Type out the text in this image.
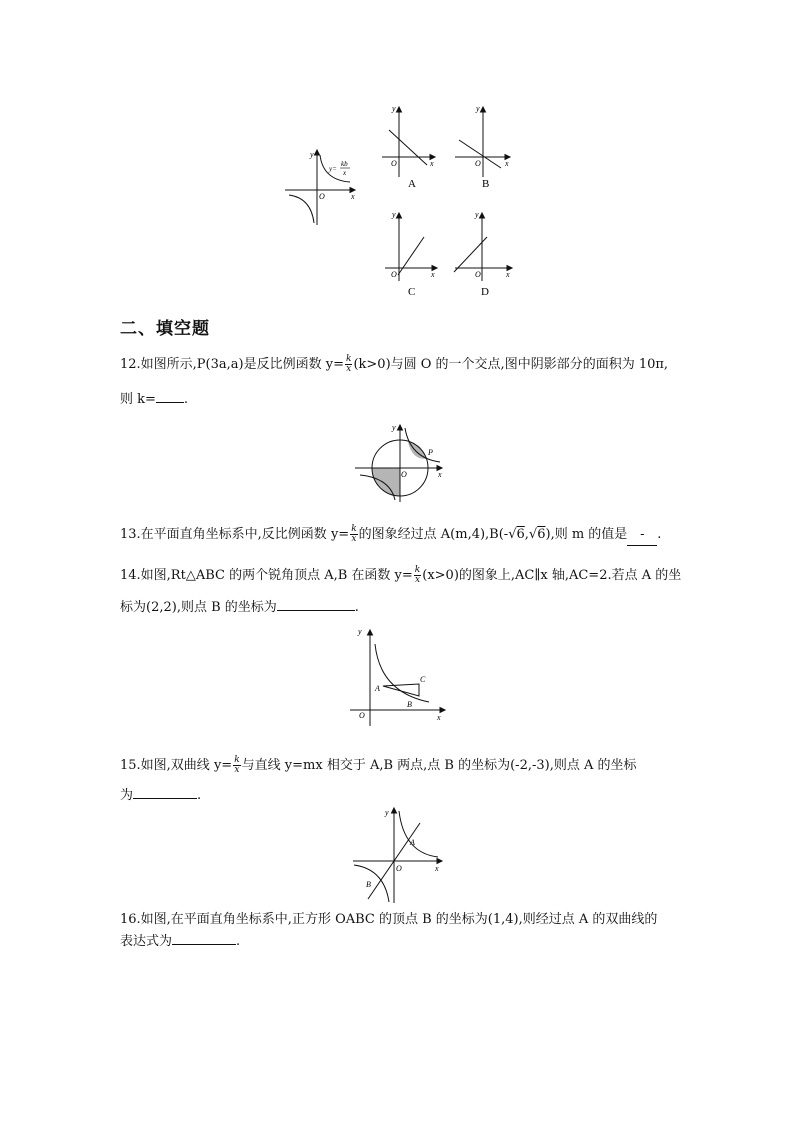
y
x
O
y=
kb
x
y
x
O
A
y
x
O
B
y
x
O
C
y
x
O
D
二、填空题
12.如图所示,P(3a,a)是反比例函数 $y= \frac{k}{x} (k>0)$与圆 O 的一个交点,图中阴影部分的面积为 10π,
则 k= .
y
x
O
P
13.在平面直角坐标系中,反比例函数 $y= \frac{k}{x}$ 的图象经过点 A(m,4),B(-√6,√6),则 m 的值是 - .
14.如图,Rt△ABC 的两个锐角顶点 A,B 在函数 $y= \frac{k}{x} (x>0)$的图象上,AC∥x 轴,AC=2.若点 A 的坐
标为(2,2),则点 B 的坐标为	.
y
x
O
A
B
C
15.如图,双曲线 $y= \frac{k}{x}$ 与直线 y=mx 相交于 A,B 两点,点 B 的坐标为(-2,-3),则点 A 的坐标
为	.
y
x
O
A
B
16.如图,在平面直角坐标系中,正方形 OABC 的顶点 B 的坐标为(1,4),则经过点 A 的双曲线的
表达式为	.
